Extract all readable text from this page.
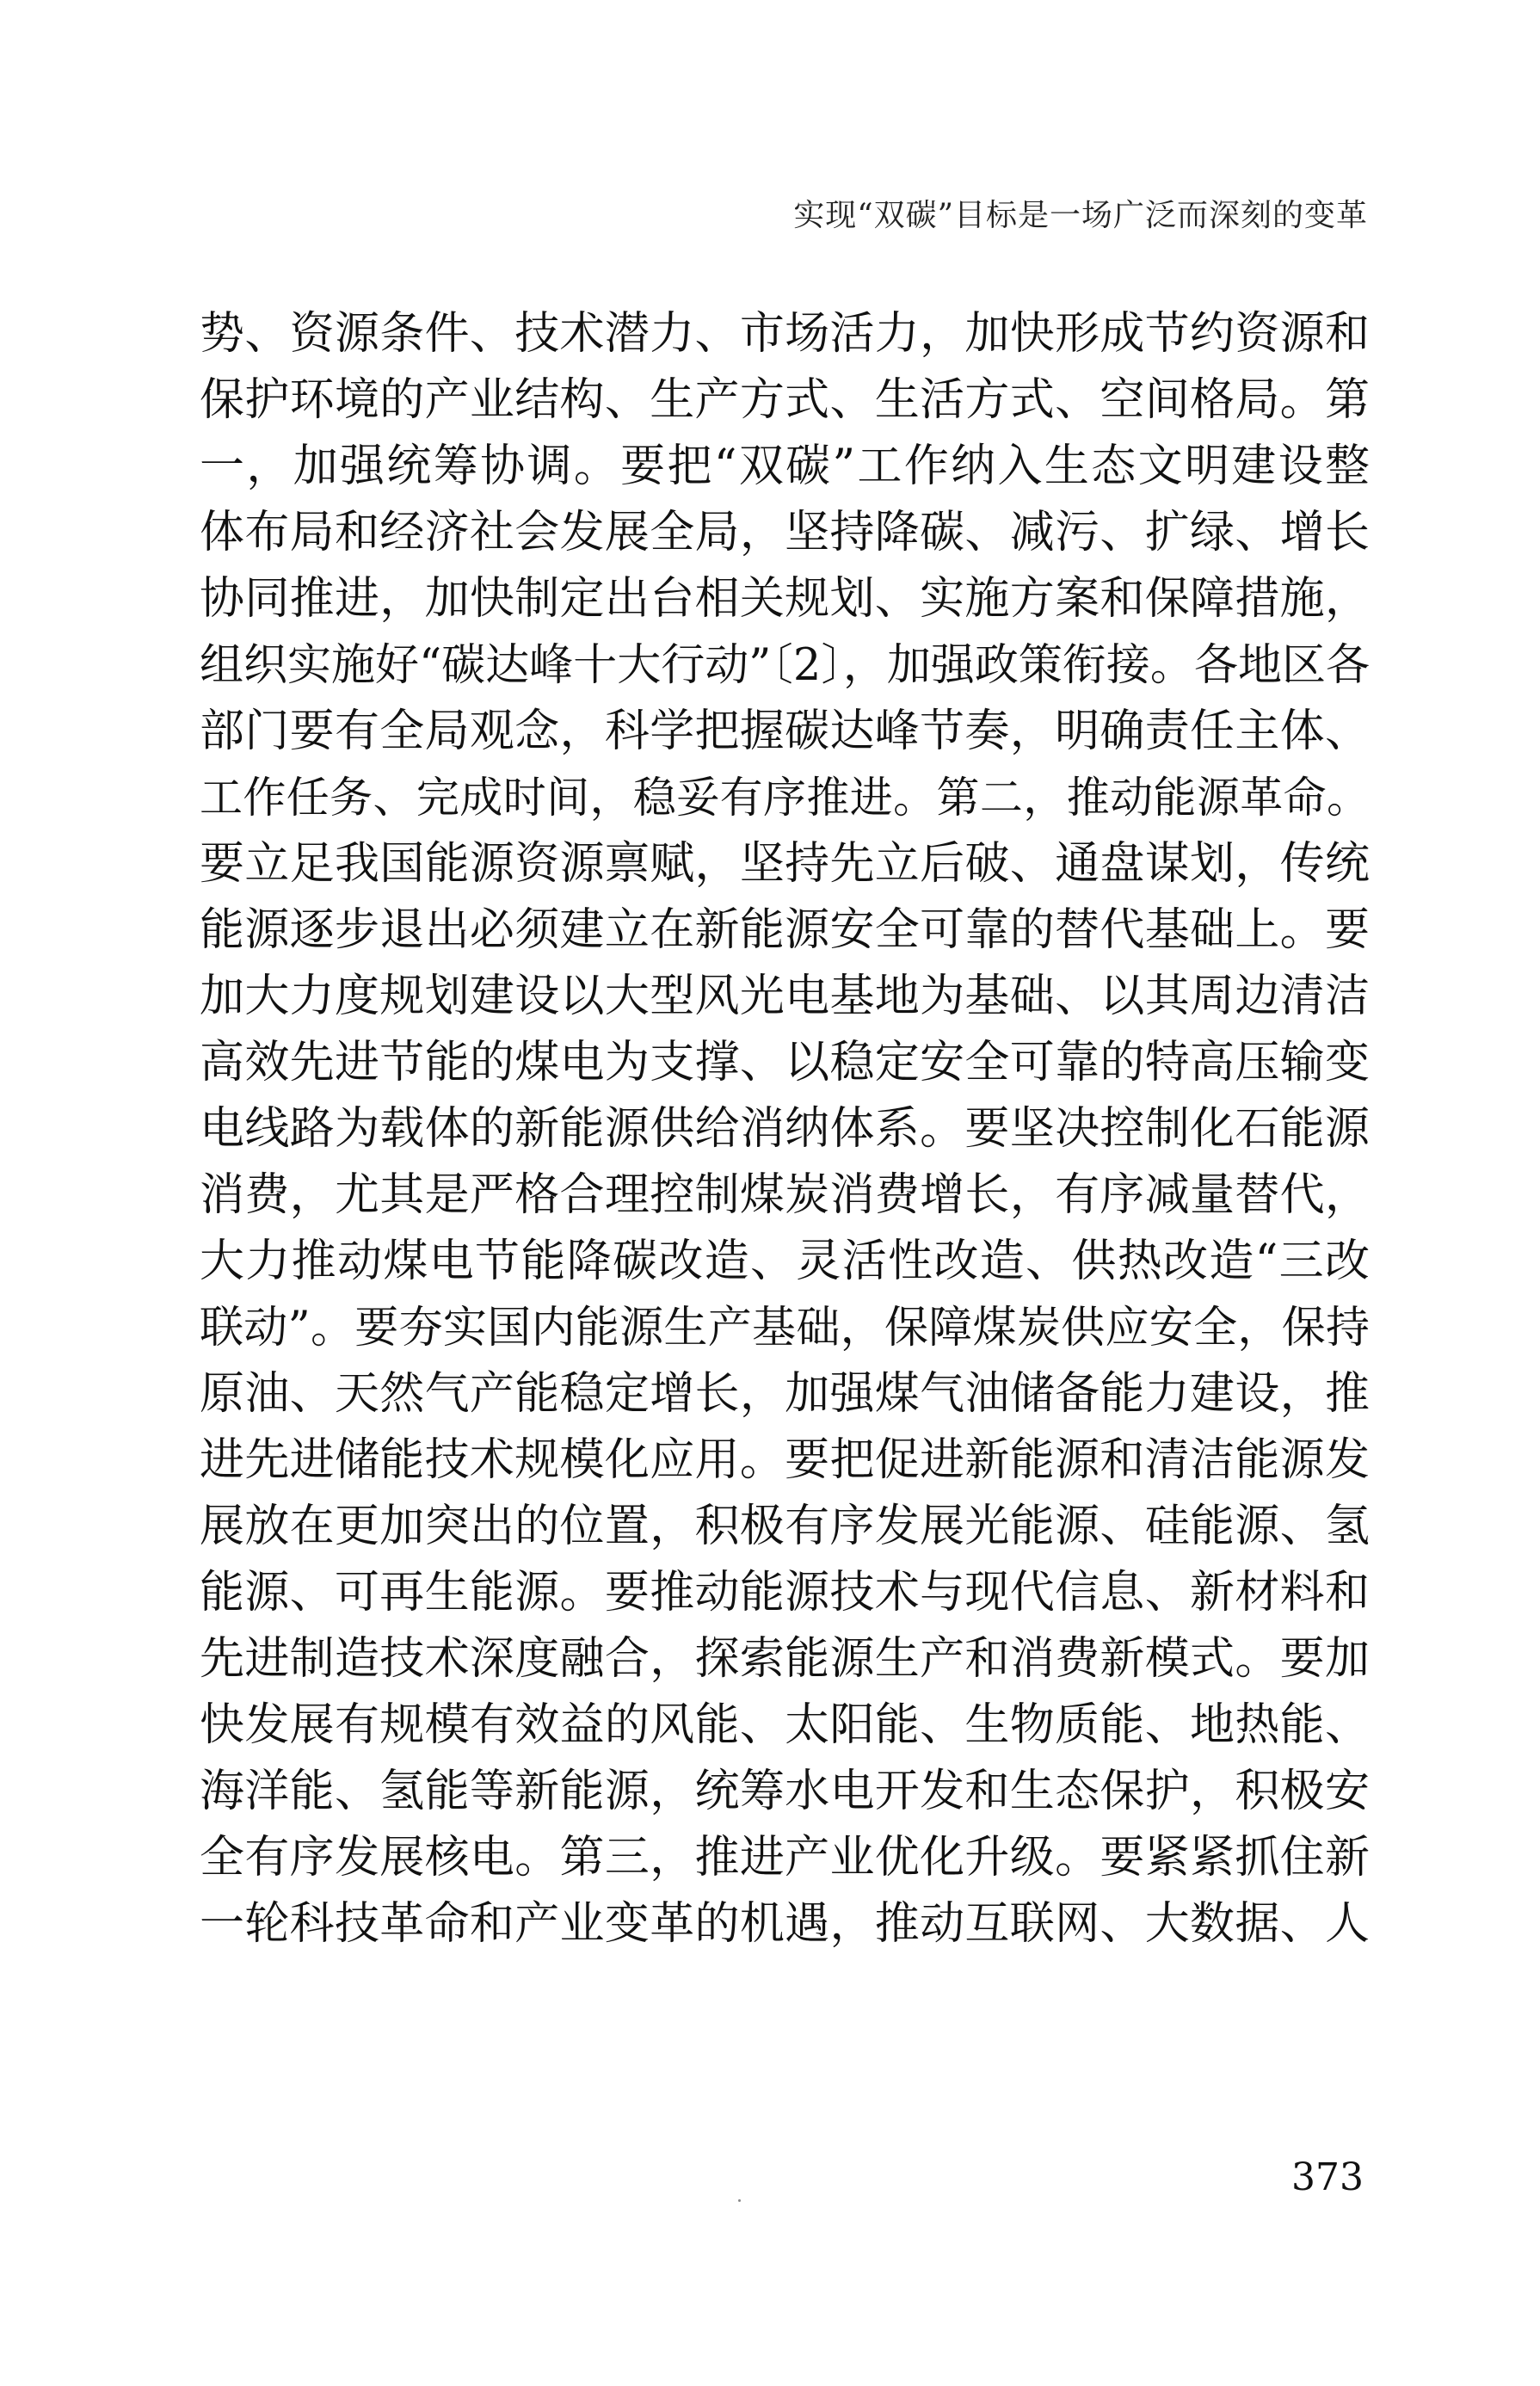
实现“双碳”目标是一场广泛而深刻的变革
势、资源条件、技术潜力、市场活力，加快形成节约资源和
保护环境的产业结构、生产方式、生活方式、空间格局。第
一，加强统筹协调。要把“双碳”工作纳入生态文明建设整
体布局和经济社会发展全局，坚持降碳、减污、扩绿、增长
协同推进，加快制定出台相关规划、实施方案和保障措施，
组织实施好“碳达峰十大行动”〔2〕，加强政策衔接。各地区各
部门要有全局观念，科学把握碳达峰节奏，明确责任主体、
工作任务、完成时间，稳妥有序推进。第二，推动能源革命。
要立足我国能源资源禀赋，坚持先立后破、通盘谋划，传统
能源逐步退出必须建立在新能源安全可靠的替代基础上。要
加大力度规划建设以大型风光电基地为基础、以其周边清洁
高效先进节能的煤电为支撑、以稳定安全可靠的特高压输变
电线路为载体的新能源供给消纳体系。要坚决控制化石能源
消费，尤其是严格合理控制煤炭消费增长，有序减量替代，
大力推动煤电节能降碳改造、灵活性改造、供热改造“三改
联动”。要夯实国内能源生产基础，保障煤炭供应安全，保持
原油、天然气产能稳定增长，加强煤气油储备能力建设，推
进先进储能技术规模化应用。要把促进新能源和清洁能源发
展放在更加突出的位置，积极有序发展光能源、硅能源、氢
能源、可再生能源。要推动能源技术与现代信息、新材料和
先进制造技术深度融合，探索能源生产和消费新模式。要加
快发展有规模有效益的风能、太阳能、生物质能、地热能、
海洋能、氢能等新能源，统筹水电开发和生态保护，积极安
全有序发展核电。第三，推进产业优化升级。要紧紧抓住新
一轮科技革命和产业变革的机遇，推动互联网、大数据、人
373
